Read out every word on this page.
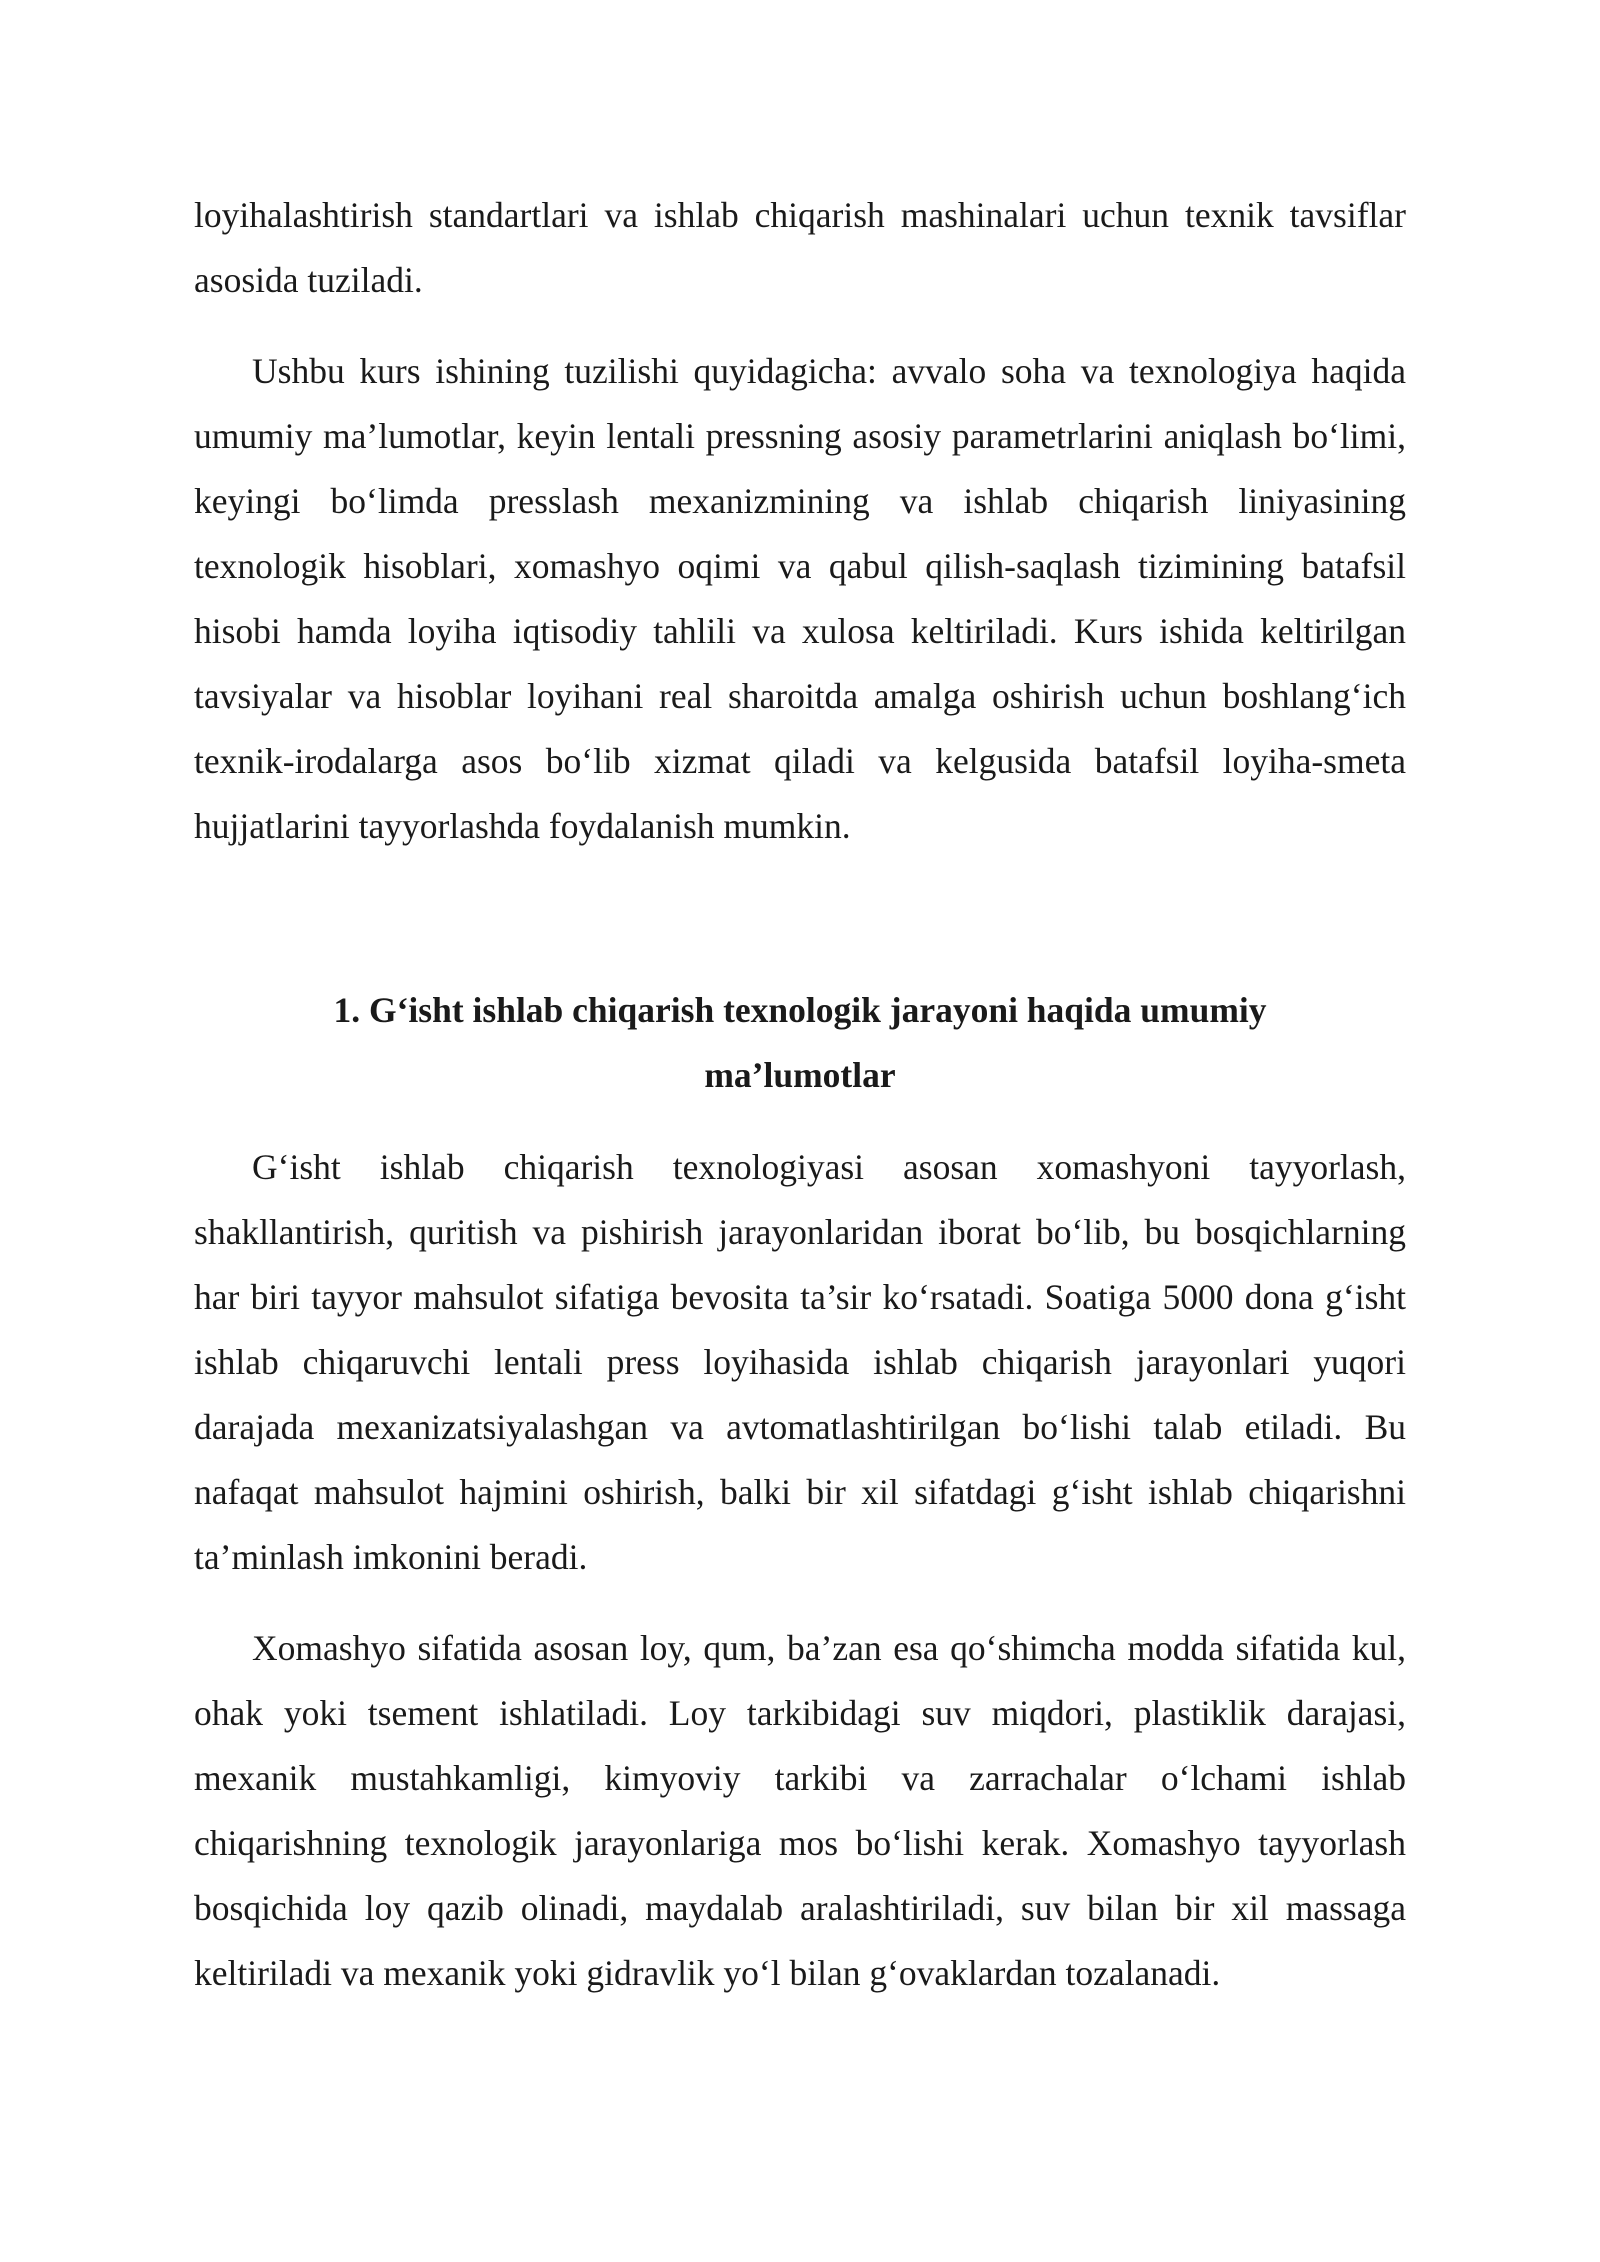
loyihalashtirish standartlari va ishlab chiqarish mashinalari uchun texnik tavsiflar asosida tuziladi.

Ushbu kurs ishining tuzilishi quyidagicha: avvalo soha va texnologiya haqida umumiy ma’lumotlar, keyin lentali pressning asosiy parametrlarini aniqlash bo‘limi, keyingi bo‘limda presslash mexanizmining va ishlab chiqarish liniyasining texnologik hisoblari, xomashyo oqimi va qabul qilish-saqlash tizimining batafsil hisobi hamda loyiha iqtisodiy tahlili va xulosa keltiriladi. Kurs ishida keltirilgan tavsiyalar va hisoblar loyihani real sharoitda amalga oshirish uchun boshlang‘ich texnik-irodalarga asos bo‘lib xizmat qiladi va kelgusida batafsil loyiha-smeta hujjatlarini tayyorlashda foydalanish mumkin.

1. G‘isht ishlab chiqarish texnologik jarayoni haqida umumiy
ma’lumotlar

G‘isht ishlab chiqarish texnologiyasi asosan xomashyoni tayyorlash, shakllantirish, quritish va pishirish jarayonlaridan iborat bo‘lib, bu bosqichlarning har biri tayyor mahsulot sifatiga bevosita ta’sir ko‘rsatadi. Soatiga 5000 dona g‘isht ishlab chiqaruvchi lentali press loyihasida ishlab chiqarish jarayonlari yuqori darajada mexanizatsiyalashgan va avtomatlashtirilgan bo‘lishi talab etiladi. Bu nafaqat mahsulot hajmini oshirish, balki bir xil sifatdagi g‘isht ishlab chiqarishni ta’minlash imkonini beradi.

Xomashyo sifatida asosan loy, qum, ba’zan esa qo‘shimcha modda sifatida kul, ohak yoki tsement ishlatiladi. Loy tarkibidagi suv miqdori, plastiklik darajasi, mexanik mustahkamligi, kimyoviy tarkibi va zarrachalar o‘lchami ishlab chiqarishning texnologik jarayonlariga mos bo‘lishi kerak. Xomashyo tayyorlash bosqichida loy qazib olinadi, maydalab aralashtiriladi, suv bilan bir xil massaga keltiriladi va mexanik yoki gidravlik yo‘l bilan g‘ovaklardan tozalanadi.
